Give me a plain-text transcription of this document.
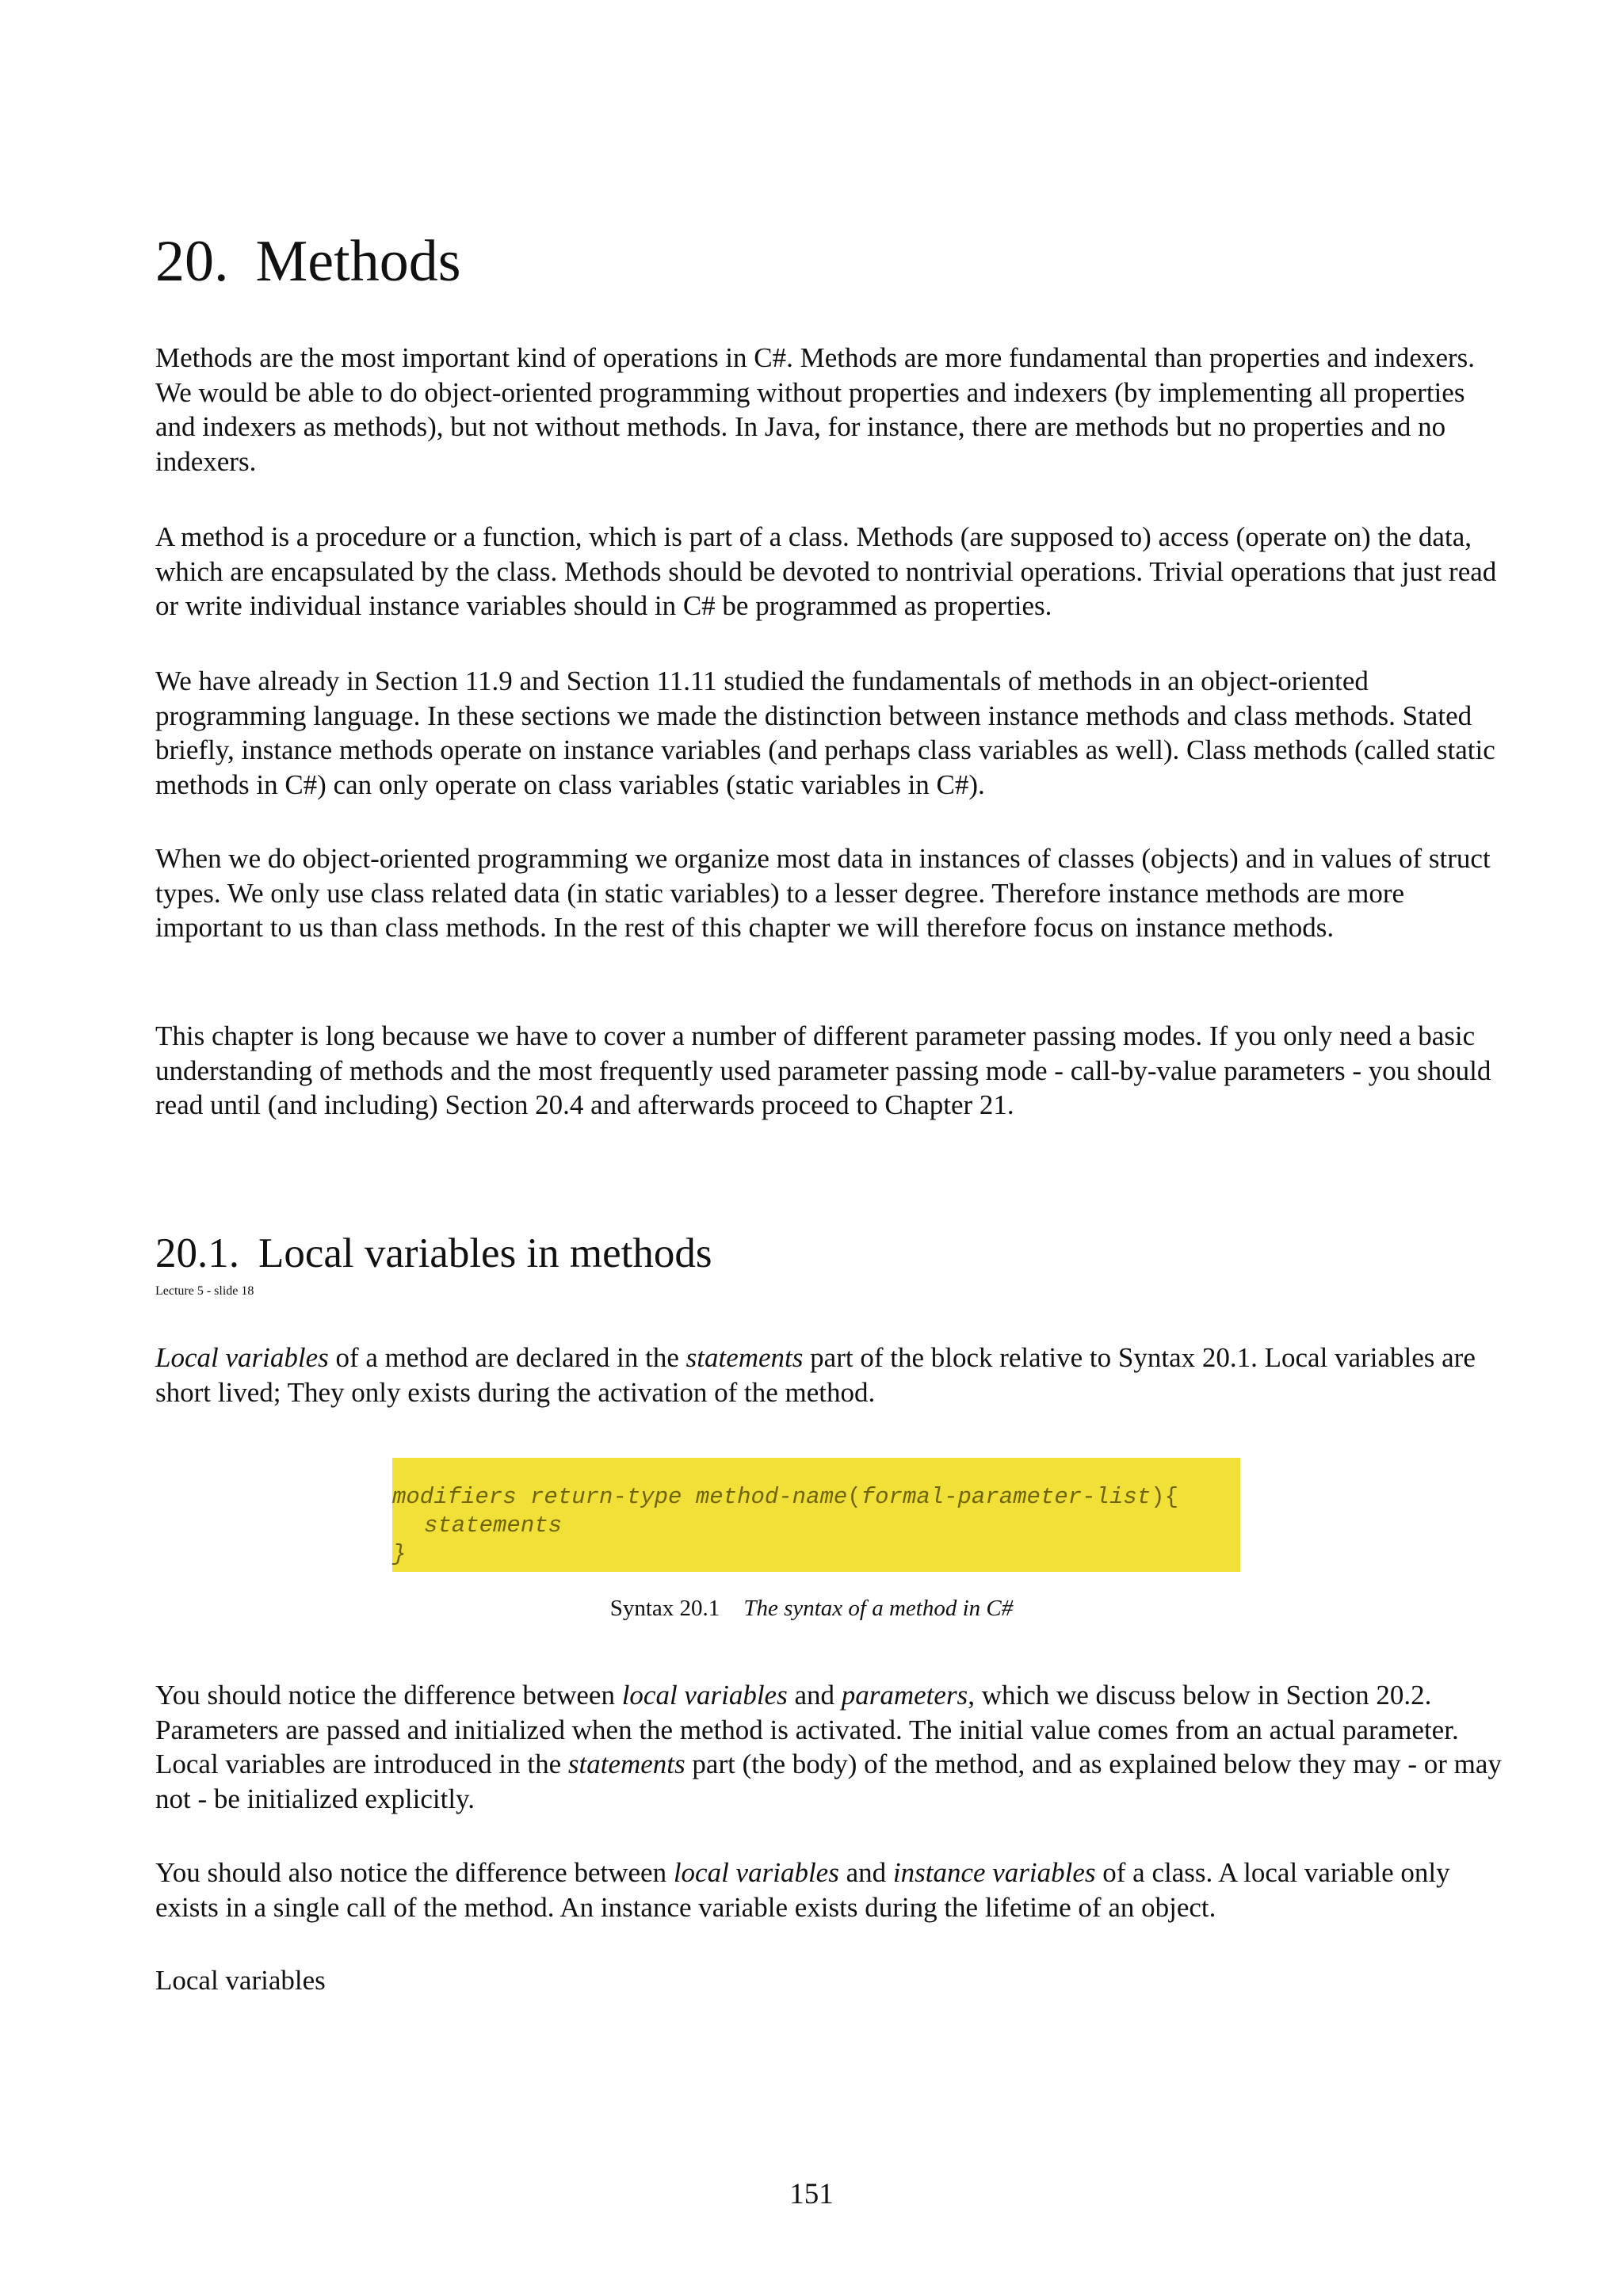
20. Methods

Methods are the most important kind of operations in C#. Methods are more fundamental than properties and indexers. We would be able to do object-oriented programming without properties and indexers (by implementing all properties and indexers as methods), but not without methods. In Java, for instance, there are methods but no properties and no indexers.

A method is a procedure or a function, which is part of a class. Methods (are supposed to) access (operate on) the data, which are encapsulated by the class. Methods should be devoted to nontrivial operations. Trivial operations that just read or write individual instance variables should in C# be programmed as properties.

We have already in Section 11.9 and Section 11.11 studied the fundamentals of methods in an object-oriented programming language. In these sections we made the distinction between instance methods and class methods. Stated briefly, instance methods operate on instance variables (and perhaps class variables as well). Class methods (called static methods in C#) can only operate on class variables (static variables in C#).

When we do object-oriented programming we organize most data in instances of classes (objects) and in values of struct types. We only use class related data (in static variables) to a lesser degree. Therefore instance methods are more important to us than class methods. In the rest of this chapter we will therefore focus on instance methods.

This chapter is long because we have to cover a number of different parameter passing modes. If you only need a basic understanding of methods and the most frequently used parameter passing mode - call-by-value parameters - you should read until (and including) Section 20.4 and afterwards proceed to Chapter 21.

20.1. Local variables in methods
Lecture 5 - slide 18

Local variables of a method are declared in the statements part of the block relative to Syntax 20.1. Local variables are short lived; They only exists during the activation of the method.

modifiers return-type method-name(formal-parameter-list){
statements
}
Syntax 20.1 The syntax of a method in C#

You should notice the difference between local variables and parameters, which we discuss below in Section 20.2. Parameters are passed and initialized when the method is activated. The initial value comes from an actual parameter. Local variables are introduced in the statements part (the body) of the method, and as explained below they may - or may not - be initialized explicitly.

You should also notice the difference between local variables and instance variables of a class. A local variable only exists in a single call of the method. An instance variable exists during the lifetime of an object.

Local variables

151
